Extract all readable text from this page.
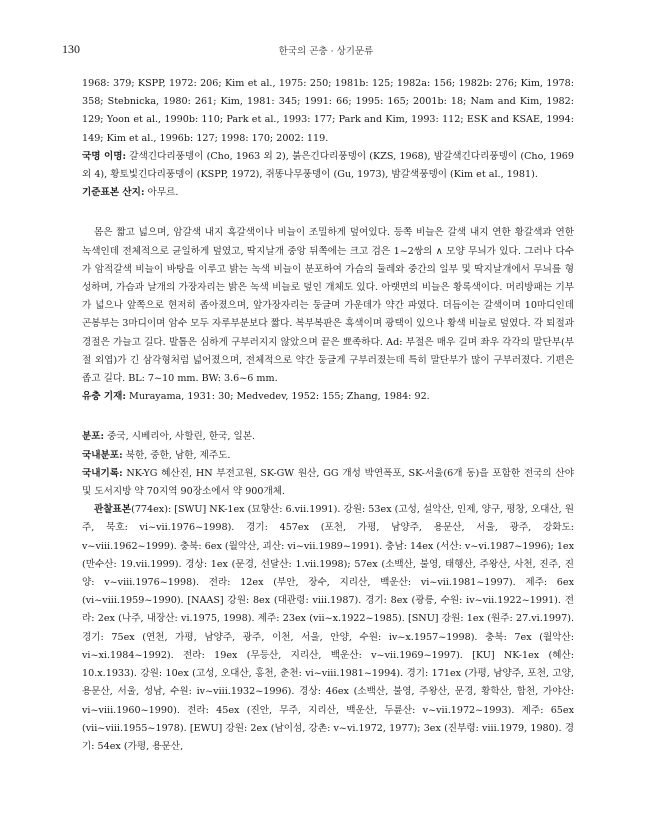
130	한국의 곤충 · 상기문류

1968: 379; KSPP, 1972: 206; Kim et al., 1975: 250; 1981b: 125; 1982a: 156; 1982b: 276; Kim, 1978: 358; Stebnicka, 1980: 261; Kim, 1981: 345; 1991: 66; 1995: 165; 2001b: 18; Nam and Kim, 1982: 129; Yoon et al., 1990b: 110; Park et al., 1993: 177; Park and Kim, 1993: 112; ESK and KSAE, 1994: 149; Kim et al., 1996b: 127; 1998: 170; 2002: 119.

국명 이명: 갈색긴다리풍뎅이 (Cho, 1963 외 2), 붉은긴다리풍뎅이 (KZS, 1968), 밤갈색긴다리풍뎅이 (Cho, 1969 외 4), 황토빛긴다리풍뎅이 (KSPP, 1972), 쥐똥나무풍뎅이 (Gu, 1973), 밤갈색풍뎅이 (Kim et al., 1981).

기준표본 산지: 아무르.

몸은 짧고 넓으며, 암갈색 내지 흑갈색이나 비늘이 조밀하게 덮여있다. 등쪽 비늘은 갈색 내지 연한 황갈색과 연한 녹색인데 전체적으로 균일하게 덮였고, 딱지날개 중앙 뒤쪽에는 크고 검은 1~2쌍의 ∧ 모양 무늬가 있다. 그러나 다수가 암적갈색 비늘이 바탕을 이루고 밝는 녹색 비늘이 분포하여 가슴의 둘레와 중간의 일부 및 딱지날개에서 무늬를 형성하며, 가슴과 날개의 가장자리는 밝은 녹색 비늘로 덮인 개체도 있다. 아랫면의 비늘은 황록색이다. 머리방패는 기부가 넓으나 앞쪽으로 현저히 좁아졌으며, 앞가장자리는 둥글며 가운데가 약간 파였다. 더듬이는 갈색이며 10마디인데 곤봉부는 3마디이며 암수 모두 자루부분보다 짧다. 복부복판은 흑색이며 광택이 있으나 황색 비늘로 덮였다. 각 퇴절과 경절은 가늘고 길다. 발톱은 심하게 구부러지지 않았으며 끝은 뾰족하다. Ad: 부절은 매우 길며 좌우 각각의 말단부(부절 외엽)가 긴 삼각형처럼 넓어졌으며, 전체적으로 약간 둥글게 구부러졌는데 특히 말단부가 많이 구부러졌다. 기편은 좁고 길다. BL: 7~10 mm. BW: 3.6~6 mm.

유충 기재: Murayama, 1931: 30; Medvedev, 1952: 155; Zhang, 1984: 92.

분포: 중국, 시베리아, 사할린, 한국, 일본.

국내분포: 북한, 중한, 남한, 제주도.

국내기록: NK-YG 혜산진, HN 부전고원, SK-GW 원산, GG 개성 박연폭포, SK-서울(6개 동)을 포함한 전국의 산야 및 도서지방 약 70지역 90장소에서 약 900개체.

관찰표본(774ex): [SWU] NK-1ex (묘향산: 6.vii.1991). 강원: 53ex (고성, 설악산, 인제, 양구, 평창, 오대산, 원주, 묵호: vi~vii.1976~1998). 경기: 457ex (포천, 가평, 남양주, 용문산, 서울, 광주, 강화도: v~viii.1962~1999). 충북: 6ex (월악산, 괴산: vi~vii.1989~1991). 충남: 14ex (서산: v~vi.1987~1996); 1ex (만수산: 19.vii.1999). 경상: 1ex (문경, 선달산: 1.vii.1998); 57ex (소백산, 불영, 태행산, 주왕산, 사천, 진주, 진양: v~viii.1976~1998). 전라: 12ex (부안, 장수, 지리산, 백운산: vi~vii.1981~1997). 제주: 6ex (vi~viii.1959~1990). [NAAS] 강원: 8ex (대관령: viii.1987). 경기: 8ex (광릉, 수원: iv~vii.1922~1991). 전라: 2ex (나주, 내장산: vi.1975, 1998). 제주: 23ex (vii~x.1922~1985). [SNU] 강원: 1ex (원주: 27.vi.1997). 경기: 75ex (연천, 가평, 남양주, 광주, 이천, 서울, 안양, 수원: iv~x.1957~1998). 충북: 7ex (월악산: vi~xi.1984~1992). 전라: 19ex (무등산, 지리산, 백운산: v~vii.1969~1997). [KU] NK-1ex (혜산: 10.x.1933). 강원: 10ex (고성, 오대산, 홍천, 춘천: vi~viii.1981~1994). 경기: 171ex (가평, 남양주, 포천, 고양, 용문산, 서울, 성남, 수원: iv~viii.1932~1996). 경상: 46ex (소백산, 불영, 주왕산, 문경, 황학산, 합천, 가야산: vi~viii.1960~1990). 전라: 45ex (진안, 무주, 지리산, 백운산, 두륜산: v~vii.1972~1993). 제주: 65ex (vii~viii.1955~1978). [EWU] 강원: 2ex (남이섬, 강촌: v~vi.1972, 1977); 3ex (진부령: viii.1979, 1980). 경기: 54ex (가평, 용문산,
